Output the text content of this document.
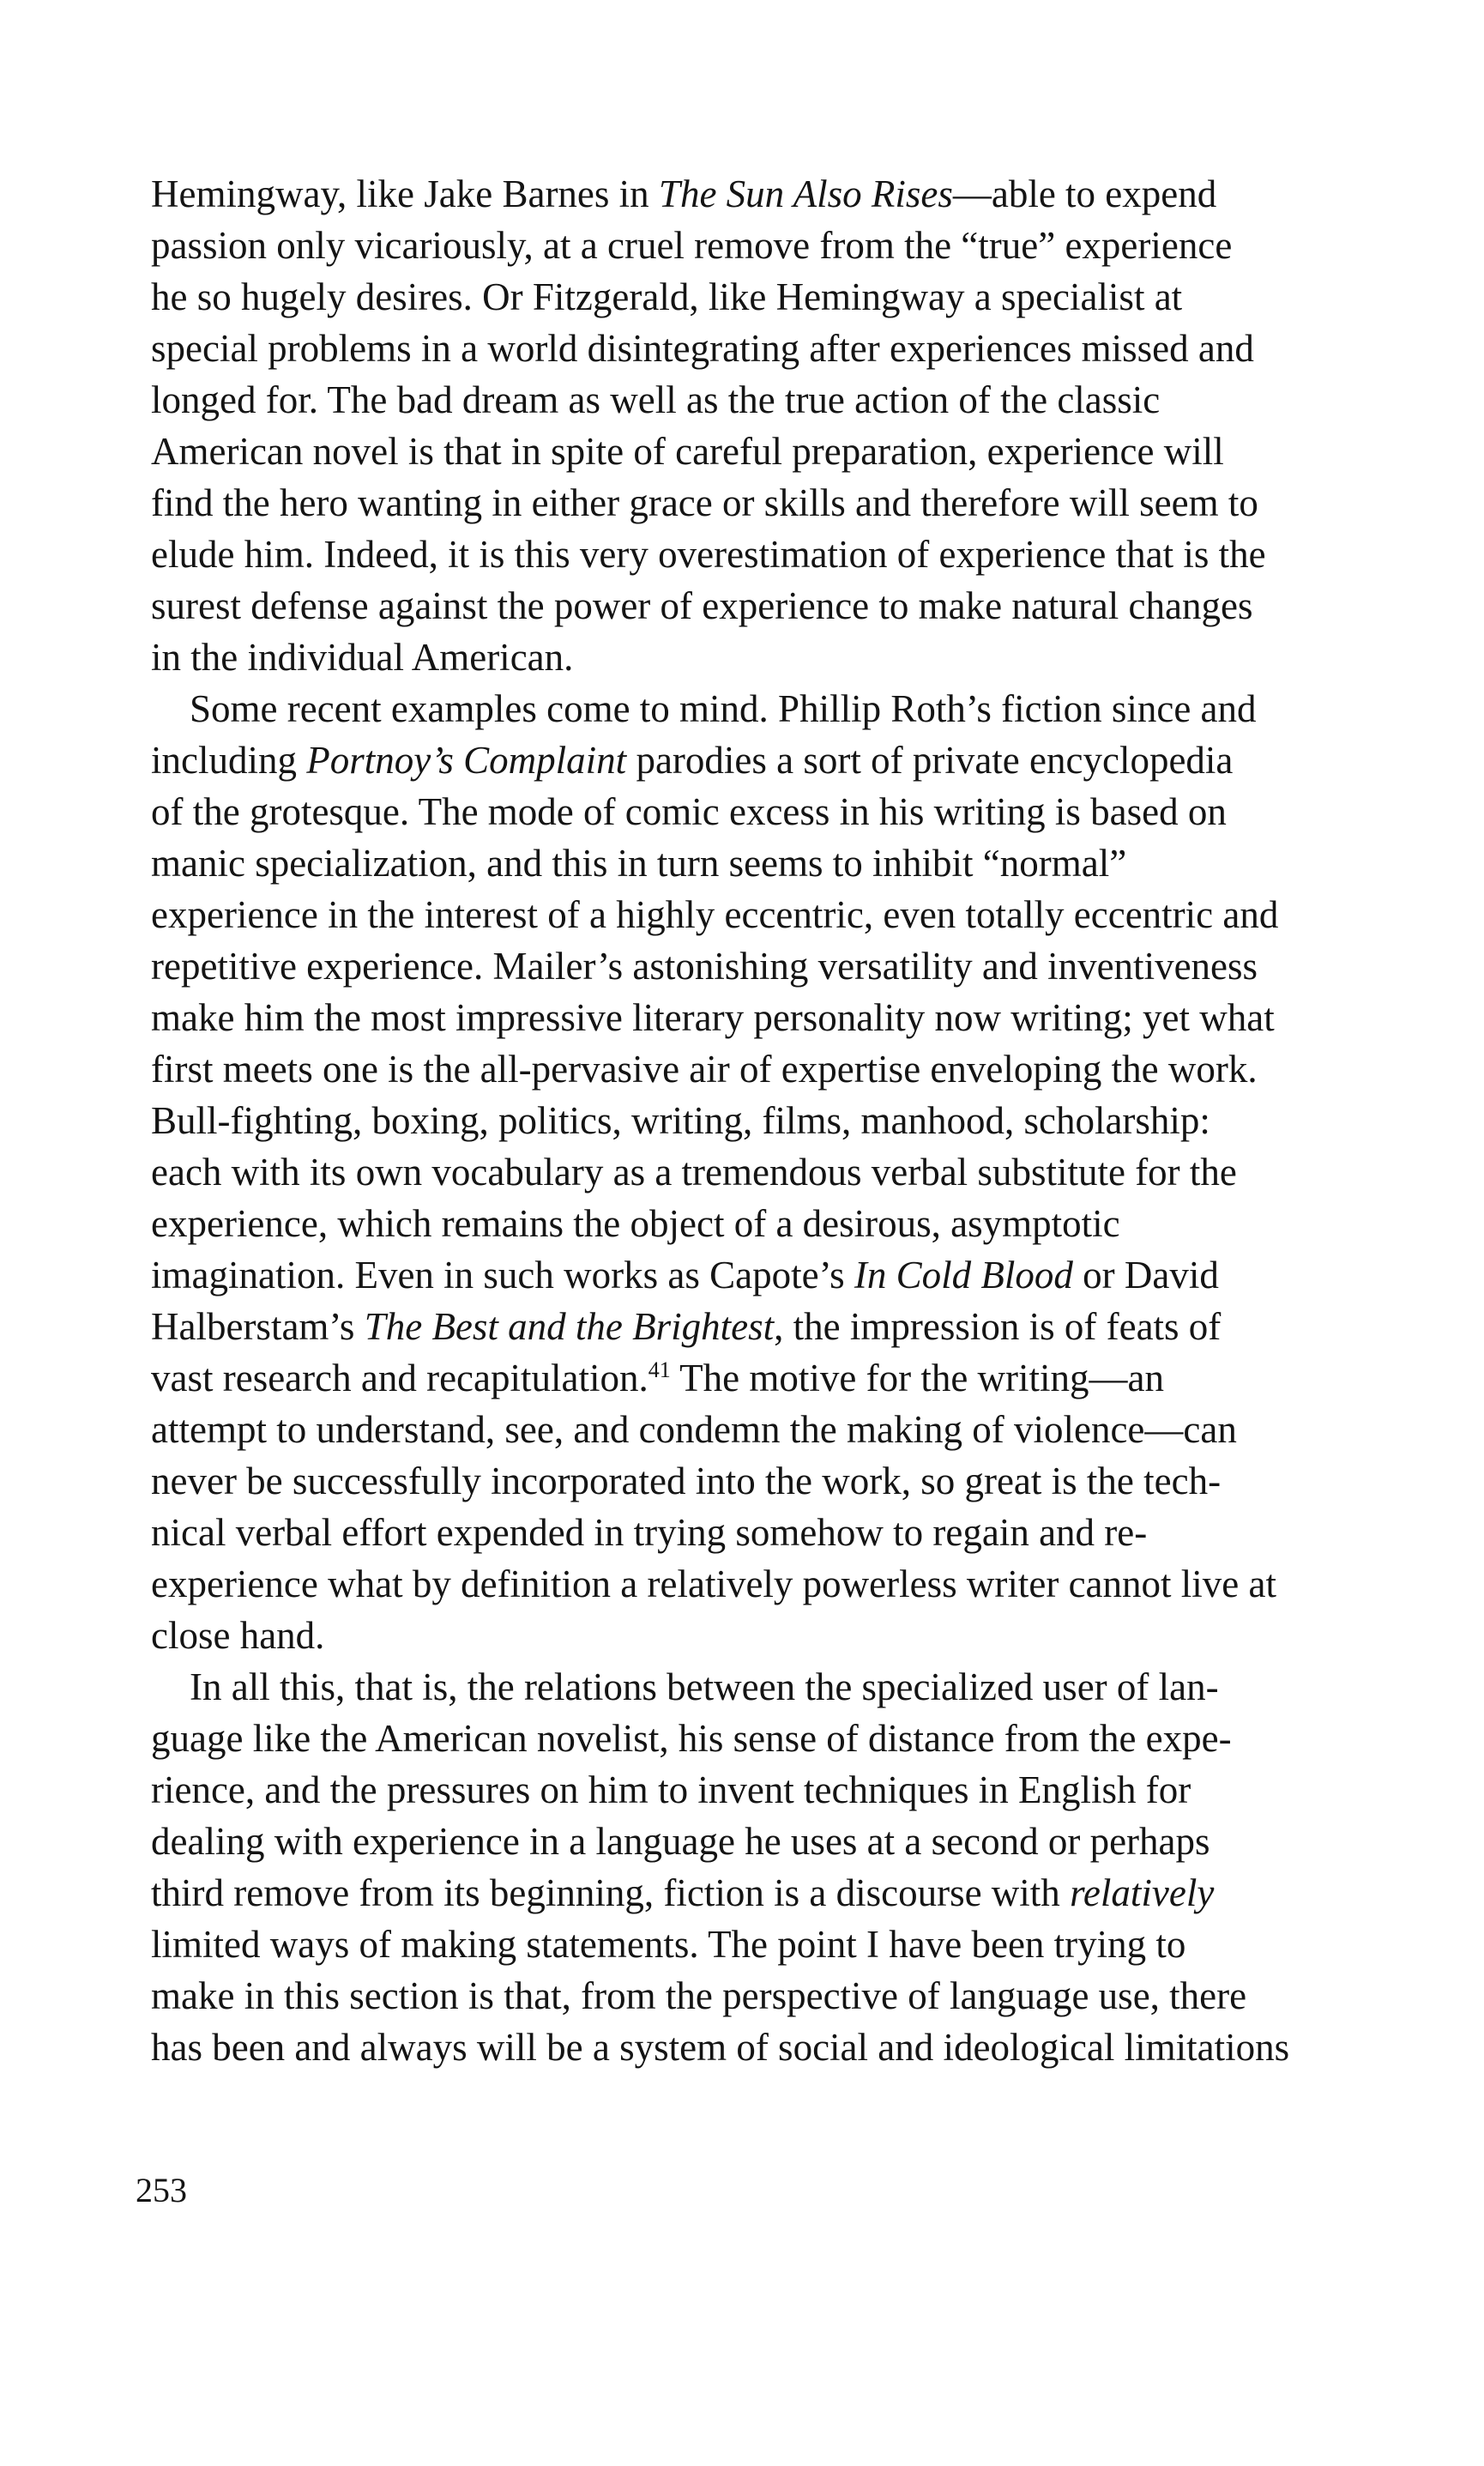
Hemingway, like Jake Barnes in The Sun Also Rises—able to expend
passion only vicariously, at a cruel remove from the “true” experience
he so hugely desires. Or Fitzgerald, like Hemingway a specialist at
special problems in a world disintegrating after experiences missed and
longed for. The bad dream as well as the true action of the classic
American novel is that in spite of careful preparation, experience will
find the hero wanting in either grace or skills and therefore will seem to
elude him. Indeed, it is this very overestimation of experience that is the
surest defense against the power of experience to make natural changes
in the individual American.
Some recent examples come to mind. Phillip Roth’s fiction since and
including Portnoy’s Complaint parodies a sort of private encyclopedia
of the grotesque. The mode of comic excess in his writing is based on
manic specialization, and this in turn seems to inhibit “normal”
experience in the interest of a highly eccentric, even totally eccentric and
repetitive experience. Mailer’s astonishing versatility and inventiveness
make him the most impressive literary personality now writing; yet what
first meets one is the all-pervasive air of expertise enveloping the work.
Bull-fighting, boxing, politics, writing, films, manhood, scholarship:
each with its own vocabulary as a tremendous verbal substitute for the
experience, which remains the object of a desirous, asymptotic
imagination. Even in such works as Capote’s In Cold Blood or David
Halberstam’s The Best and the Brightest, the impression is of feats of
vast research and recapitulation.$^{41}$ The motive for the writing—an
attempt to understand, see, and condemn the making of violence—can
never be successfully incorporated into the work, so great is the tech-
nical verbal effort expended in trying somehow to regain and re-
experience what by definition a relatively powerless writer cannot live at
close hand.
In all this, that is, the relations between the specialized user of lan-
guage like the American novelist, his sense of distance from the expe-
rience, and the pressures on him to invent techniques in English for
dealing with experience in a language he uses at a second or perhaps
third remove from its beginning, fiction is a discourse with relatively
limited ways of making statements. The point I have been trying to
make in this section is that, from the perspective of language use, there
has been and always will be a system of social and ideological limitations
253
